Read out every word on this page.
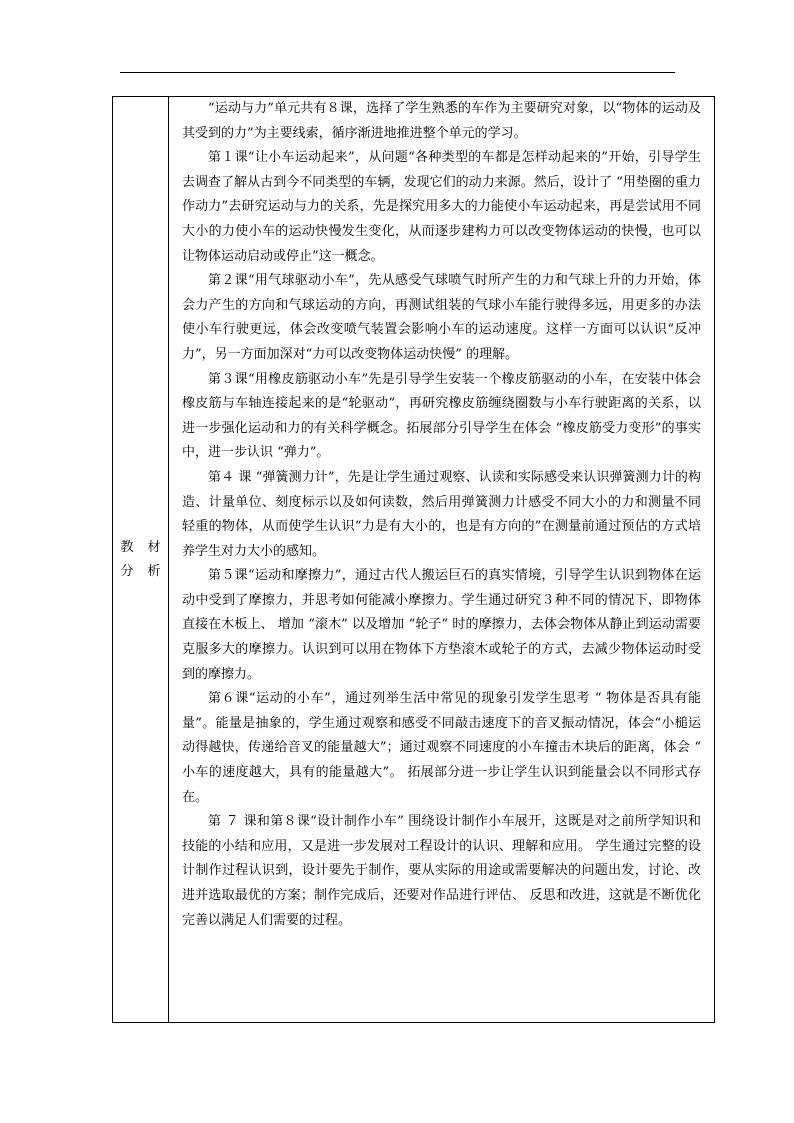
教 材 分析

“运动与力”单元共有８课，选择了学生熟悉的车作为主要研究对象，以“物体的运动及其受到的力”为主要线索，循序渐进地推进整个单元的学习。

第１课“让小车运动起来”，从问题“各种类型的车都是怎样动起来的”开始，引导学生去调查了解从古到今不同类型的车辆，发现它们的动力来源。然后，设计了 “用垫圈的重力作动力”去研究运动与力的关系，先是探究用多大的力能使小车运动起来，再是尝试用不同大小的力使小车的运动快慢发生变化，从而逐步建构力可以改变物体运动的快慢，也可以让物体运动启动或停止”这一概念。

第２课“用气球驱动小车”，先从感受气球喷气时所产生的力和气球上升的力开始，体会力产生的方向和气球运动的方向，再测试组装的气球小车能行驶得多远，用更多的办法使小车行驶更远，体会改变喷气装置会影响小车的运动速度。这样一方面可以认识“反冲力”，另一方面加深对“力可以改变物体运动快慢” 的理解。

第３课“用橡皮筋驱动小车”先是引导学生安装一个橡皮筋驱动的小车，在安装中体会橡皮筋与车轴连接起来的是“轮驱动”，再研究橡皮筋缠绕圈数与小车行驶距离的关系，以进一步强化运动和力的有关科学概念。拓展部分引导学生在体会 “橡皮筋受力变形”的事实中，进一步认识 “弹力”。

第４ 课 “弹簧测力计”，先是让学生通过观察、认读和实际感受来认识弹簧测力计的构造、计量单位、刻度标示以及如何读数，然后用弹簧测力计感受不同大小的力和测量不同轻重的物体，从而使学生认识“力是有大小的，也是有方向的”在测量前通过预估的方式培养学生对力大小的感知。

第５课“运动和摩擦力”，通过古代人搬运巨石的真实情境，引导学生认识到物体在运动中受到了摩擦力，并思考如何能减小摩擦力。学生通过研究３种不同的情况下，即物体直接在木板上、 增加 “滚木” 以及增加 “轮子” 时的摩擦力，去体会物体从静止到运动需要克服多大的摩擦力。认识到可以用在物体下方垫滚木或轮子的方式，去减少物体运动时受到的摩擦力。

第６课“运动的小车”，通过列举生活中常见的现象引发学生思考 “ 物体是否具有能量”。能量是抽象的，学生通过观察和感受不同敲击速度下的音叉振动情况，体会“小槌运动得越快，传递给音叉的能量越大”；通过观察不同速度的小车撞击木块后的距离，体会 “ 小车的速度越大，具有的能量越大”。 拓展部分进一步让学生认识到能量会以不同形式存在。

第 ７ 课和第８课“设计制作小车” 围绕设计制作小车展开，这既是对之前所学知识和技能的小结和应用，又是进一步发展对工程设计的认识、理解和应用。 学生通过完整的设计制作过程认识到，设计要先于制作，要从实际的用途或需要解决的问题出发，讨论、改进并选取最优的方案；制作完成后，还要对作品进行评估、 反思和改进，这就是不断优化完善以满足人们需要的过程。
